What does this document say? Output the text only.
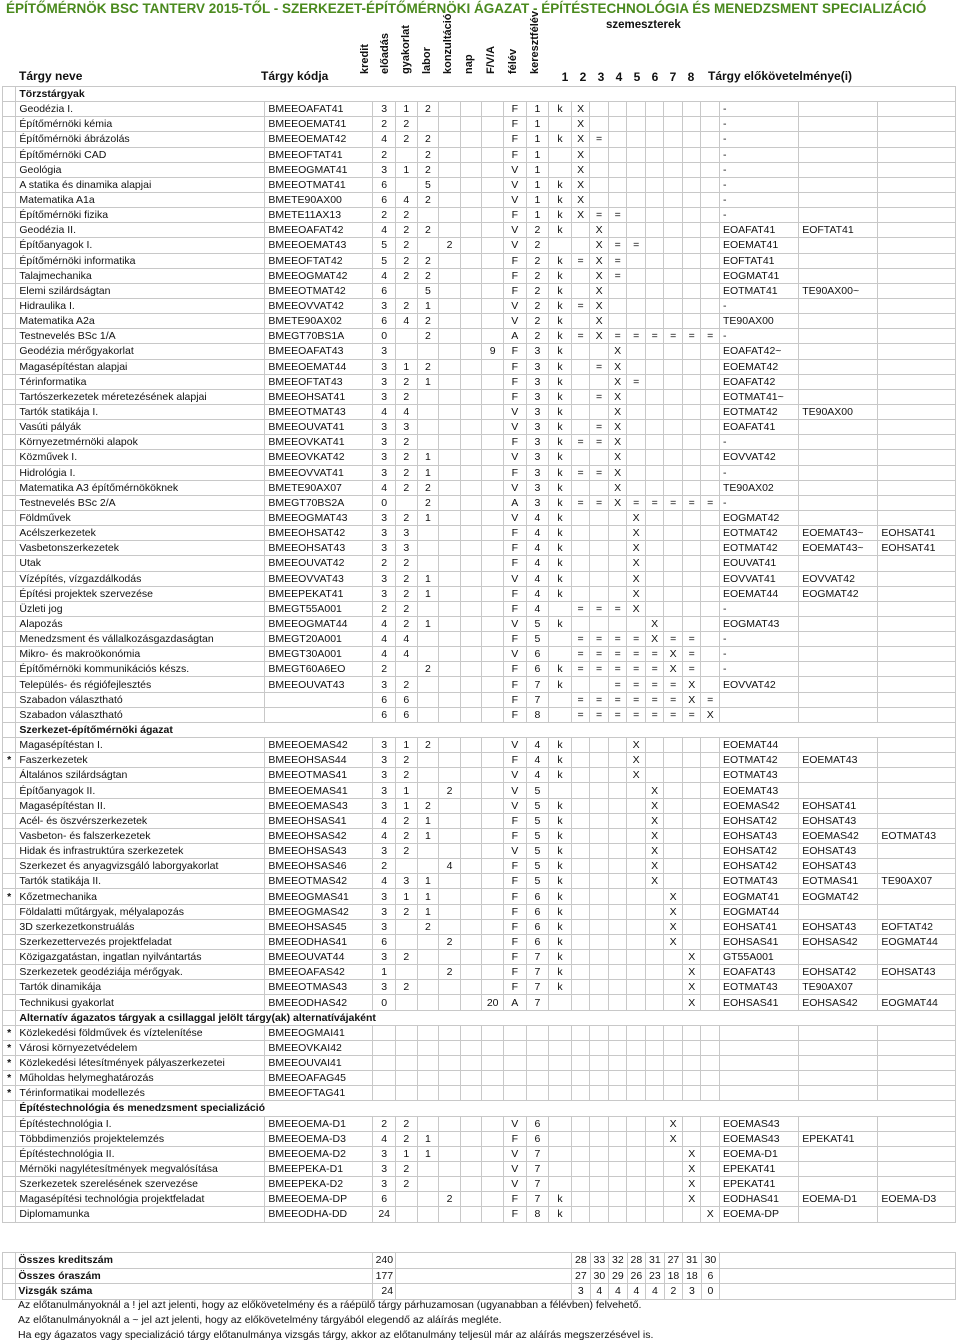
ÉPÍTŐMÉRNÖK BSC TANTERV 2015-TŐL - SZERKEZET-ÉPÍTŐMÉRNÖKI ÁGAZAT - ÉPÍTÉSTECHNOLÓGIA ÉS MENEDZSMENT SPECIALIZÁCIÓ
Tárgy neve	Tárgy kódja
kredit előadás gyakorlat labor konzultáció nap F/V/A félév keresztfélév	szemeszterek
1 2 3 4 5 6 7 8	Tárgy előkövetelménye(i)
	Törzstárgyak																					
	Geodézia I.	BMEEOAFAT41	3	1	2				F	1	k	X								-		
	Építőmérnöki kémia	BMEEOEMAT41	2	2					F	1		X								-		
	Építőmérnöki ábrázolás	BMEEOEMAT42	4	2	2				F	1	k	X	=							-		
	Építőmérnöki CAD	BMEEOFTAT41	2		2				F	1		X								-		
	Geológia	BMEEOGMAT41	3	1	2				V	1		X								-		
	A statika és dinamika alapjai	BMEEOTMAT41	6		5				V	1	k	X								-		
	Matematika A1a	BMETE90AX00	6	4	2				V	1	k	X								-		
	Építőmérnöki fizika	BMETE11AX13	2	2					F	1	k	X	=	=						-		
	Geodézia II.	BMEEOAFAT42	4	2	2				V	2	k		X							EOAFAT41	EOFTAT41	
	Építőanyagok I.	BMEEOEMAT43	5	2		2			V	2			X	=	=					EOEMAT41		
	Építőmérnöki informatika	BMEEOFTAT42	5	2	2				F	2	k	=	X	=						EOFTAT41		
	Talajmechanika	BMEEOGMAT42	4	2	2				F	2	k		X	=						EOGMAT41		
	Elemi szilárdságtan	BMEEOTMAT42	6		5				F	2	k		X							EOTMAT41	TE90AX00~	
	Hidraulika I.	BMEEOVVAT42	3	2	1				V	2	k	=	X							-		
	Matematika A2a	BMETE90AX02	6	4	2				V	2	k		X							TE90AX00		
	Testnevelés BSc 1/A	BMEGT70BS1A	0		2				A	2	k	=	X	=	=	=	=	=	=	-		
	Geodézia mérőgyakorlat	BMEEOAFAT43	3					9	F	3	k			X						EOAFAT42~		
	Magasépítéstan alapjai	BMEEOEMAT44	3	1	2				F	3	k		=	X						EOEMAT42		
	Térinformatika	BMEEOFTAT43	3	2	1				F	3	k			X	=					EOAFAT42		
	Tartószerkezetek méretezésének alapjai	BMEEOHSAT41	3	2					F	3	k		=	X						EOTMAT41~		
	Tartók statikája I.	BMEEOTMAT43	4	4					V	3	k			X						EOTMAT42	TE90AX00	
	Vasúti pályák	BMEEOUVAT41	3	3					V	3	k		=	X						EOAFAT41		
	Környezetmérnöki alapok	BMEEOVKAT41	3	2					F	3	k	=	=	X						-		
	Közművek I.	BMEEOVKAT42	3	2	1				V	3	k			X						EOVVAT42		
	Hidrológia I.	BMEEOVVAT41	3	2	1				F	3	k	=	=	X						-		
	Matematika A3 építőmérnököknek	BMETE90AX07	4	2	2				V	3	k			X						TE90AX02		
	Testnevelés BSc 2/A	BMEGT70BS2A	0		2				A	3	k	=	=	X	=	=	=	=	=	-		
	Földművek	BMEEOGMAT43	3	2	1				V	4	k				X					EOGMAT42		
	Acélszerkezetek	BMEEOHSAT42	3	3					F	4	k				X					EOTMAT42	EOEMAT43~	EOHSAT41
	Vasbetonszerkezetek	BMEEOHSAT43	3	3					F	4	k				X					EOTMAT42	EOEMAT43~	EOHSAT41
	Utak	BMEEOUVAT42	2	2					F	4	k				X					EOUVAT41		
	Vízépítés, vízgazdálkodás	BMEEOVVAT43	3	2	1				V	4	k				X					EOVVAT41	EOVVAT42	
	Építési projektek szervezése	BMEEPEKAT41	3	2	1				F	4	k				X					EOEMAT44	EOGMAT42	
	Üzleti jog	BMEGT55A001	2	2					F	4		=	=	=	X					-		
	Alapozás	BMEEOGMAT44	4	2	1				V	5	k					X				EOGMAT43		
	Menedzsment és vállalkozásgazdaságtan	BMEGT20A001	4	4					F	5		=	=	=	=	X	=	=		-		
	Mikro- és makroökonómia	BMEGT30A001	4	4					V	6		=	=	=	=	=	X	=		-		
	Építőmérnöki kommunikációs készs.	BMEGT60A6EO	2		2				F	6	k	=	=	=	=	=	X	=		-		
	Település- és régiófejlesztés	BMEEOUVAT43	3	2					F	7	k			=	=	=	=	X		EOVVAT42		
	Szabadon választható		6	6					F	7		=	=	=	=	=	=	X	=			
	Szabadon választható		6	6					F	8		=	=	=	=	=	=	=	X			
	Szerkezet-építőmérnöki ágazat																					
	Magasépítéstan I.	BMEEOEMAS42	3	1	2				V	4	k				X					EOEMAT44		
*	Faszerkezetek	BMEEOHSAS44	3	2					F	4	k				X					EOTMAT42	EOEMAT43	
	Általános szilárdságtan	BMEEOTMAS41	3	2					V	4	k				X					EOTMAT43		
	Építőanyagok II.	BMEEOEMAS41	3	1		2			V	5						X				EOEMAT43		
	Magasépítéstan II.	BMEEOEMAS43	3	1	2				V	5	k					X				EOEMAS42	EOHSAT41	
	Acél- és öszvérszerkezetek	BMEEOHSAS41	4	2	1				F	5	k					X				EOHSAT42	EOHSAT43	
	Vasbeton- és falszerkezetek	BMEEOHSAS42	4	2	1				F	5	k					X				EOHSAT43	EOEMAS42	EOTMAT43
	Hidak és infrastruktúra szerkezetek	BMEEOHSAS43	3	2					V	5	k					X				EOHSAT42	EOHSAT43	
	Szerkezet és anyagvizsgáló laborgyakorlat	BMEEOHSAS46	2			4			F	5	k					X				EOHSAT42	EOHSAT43	
	Tartók statikája II.	BMEEOTMAS42	4	3	1				F	5	k					X				EOTMAT43	EOTMAS41	TE90AX07
*	Kőzetmechanika	BMEEOGMAS41	3	1	1				F	6	k						X			EOGMAT41	EOGMAT42	
	Földalatti műtárgyak, mélyalapozás	BMEEOGMAS42	3	2	1				F	6	k						X			EOGMAT44		
	3D szerkezetkonstruálás	BMEEOHSAS45	3		2				F	6	k						X			EOHSAT41	EOHSAT43	EOFTAT42
	Szerkezettervezés projektfeladat	BMEEODHAS41	6			2			F	6	k						X			EOHSAS41	EOHSAS42	EOGMAT44
	Közigazgatástan, ingatlan nyilvántartás	BMEEOUVAT44	3	2					F	7	k							X		GT55A001		
	Szerkezetek geodéziája mérőgyak.	BMEEOAFAS42	1			2			F	7	k							X		EOAFAT43	EOHSAT42	EOHSAT43
	Tartók dinamikája	BMEEOTMAS43	3	2					F	7	k							X		EOTMAT43	TE90AX07	
	Technikusi gyakorlat	BMEEODHAS42	0					20	A	7								X		EOHSAS41	EOHSAS42	EOGMAT44
	Alternatív ágazatos tárgyak a csillaggal jelölt tárgy(ak) alternatívájaként																					
*	Közlekedési földművek és víztelenítése	BMEEOGMAI41																				
*	Városi környezetvédelem	BMEEOVKAI42																				
*	Közlekedési létesítmények pályaszerkezetei	BMEEOUVAI41																				
*	Műholdas helymeghatározás	BMEEOAFAG45																				
*	Térinformatikai modellezés	BMEEOFTAG41																				
	Építéstechnológia és menedzsment specializáció																					
	Építéstechnológia I.	BMEEOEMA-D1	2	2					V	6							X			EOEMAS43		
	Többdimenziós projektelemzés	BMEEOEMA-D3	4	2	1				F	6							X			EOEMAS43	EPEKAT41	
	Építéstechnológia II.	BMEEOEMA-D2	3	1	1				V	7								X		EOEMA-D1		
	Mérnöki nagylétesítmények megvalósítása	BMEEPEKA-D1	3	2					V	7								X		EPEKAT41		
	Szerkezetek szerelésének szervezése	BMEEPEKA-D2	3	2					V	7								X		EPEKAT41		
	Magasépítési technológia projektfeladat	BMEEOEMA-DP	6			2			F	7	k							X		EODHAS41	EOEMA-D1	EOEMA-D3
	Diplomamunka	BMEEODHA-DD	24						F	8	k								X	EOEMA-DP		
	Összes kreditszám	240		28	33	32	28	31	27	31	30	
	Összes óraszám	177		27	30	29	26	23	18	18	6	
	Vizsgák száma	24		3	4	4	4	4	2	3	0	
Az előtanulmányoknál a ! jel azt jelenti, hogy az előkövetelmény és a ráépülő tárgy párhuzamosan (ugyanabban a félévben) felvehető.
Az előtanulmányoknál a ~ jel azt jelenti, hogy az előkövetelmény tárgyából elegendő az aláírás megléte.
Ha egy ágazatos vagy specializáció tárgy előtanulmánya vizsgás tárgy, akkor az előtanulmány teljesül már az aláírás megszerzésével is.
